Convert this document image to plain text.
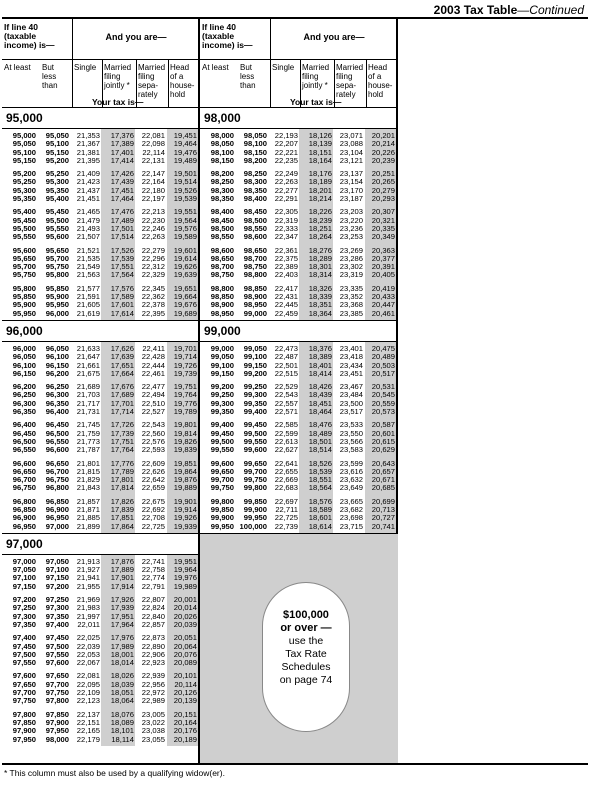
2003 Tax Table—Continued
If line 40 (taxable income) is—
And you are—
At least	But less than
Single Married filing jointly *
Married filing sepa- rately
Head of a house- hold
Your tax is—
95,000
95,000	95,050	21,353	17,376	22,081	19,451
95,050	95,100	21,367	17,389	22,098	19,464
95,100	95,150	21,381	17,401	22,114	19,476
95,150	95,200	21,395	17,414	22,131	19,489
95,200	95,250	21,409	17,426	22,147	19,501
95,250	95,300	21,423	17,439	22,164	19,514
95,300	95,350	21,437	17,451	22,180	19,526
95,350	95,400	21,451	17,464	22,197	19,539
95,400	95,450	21,465	17,476	22,213	19,551
95,450	95,500	21,479	17,489	22,230	19,564
95,500	95,550	21,493	17,501	22,246	19,576
95,550	95,600	21,507	17,514	22,263	19,589
95,600	95,650	21,521	17,526	22,279	19,601
95,650	95,700	21,535	17,539	22,296	19,614
95,700	95,750	21,549	17,551	22,312	19,626
95,750	95,800	21,563	17,564	22,329	19,639
95,800	95,850	21,577	17,576	22,345	19,651
95,850	95,900	21,591	17,589	22,362	19,664
95,900	95,950	21,605	17,601	22,378	19,676
95,950	96,000	21,619	17,614	22,395	19,689
96,000
96,000	96,050	21,633	17,626	22,411	19,701
96,050	96,100	21,647	17,639	22,428	19,714
96,100	96,150	21,661	17,651	22,444	19,726
96,150	96,200	21,675	17,664	22,461	19,739
96,200	96,250	21,689	17,676	22,477	19,751
96,250	96,300	21,703	17,689	22,494	19,764
96,300	96,350	21,717	17,701	22,510	19,776
96,350	96,400	21,731	17,714	22,527	19,789
96,400	96,450	21,745	17,726	22,543	19,801
96,450	96,500	21,759	17,739	22,560	19,814
96,500	96,550	21,773	17,751	22,576	19,826
96,550	96,600	21,787	17,764	22,593	19,839
96,600	96,650	21,801	17,776	22,609	19,851
96,650	96,700	21,815	17,789	22,626	19,864
96,700	96,750	21,829	17,801	22,642	19,876
96,750	96,800	21,843	17,814	22,659	19,889
96,800	96,850	21,857	17,826	22,675	19,901
96,850	96,900	21,871	17,839	22,692	19,914
96,900	96,950	21,885	17,851	22,708	19,926
96,950	97,000	21,899	17,864	22,725	19,939
97,000
97,000	97,050	21,913	17,876	22,741	19,951
97,050	97,100	21,927	17,889	22,758	19,964
97,100	97,150	21,941	17,901	22,774	19,976
97,150	97,200	21,955	17,914	22,791	19,989
97,200	97,250	21,969	17,926	22,807	20,001
97,250	97,300	21,983	17,939	22,824	20,014
97,300	97,350	21,997	17,951	22,840	20,026
97,350	97,400	22,011	17,964	22,857	20,039
97,400	97,450	22,025	17,976	22,873	20,051
97,450	97,500	22,039	17,989	22,890	20,064
97,500	97,550	22,053	18,001	22,906	20,076
97,550	97,600	22,067	18,014	22,923	20,089
97,600	97,650	22,081	18,026	22,939	20,101
97,650	97,700	22,095	18,039	22,956	20,114
97,700	97,750	22,109	18,051	22,972	20,126
97,750	97,800	22,123	18,064	22,989	20,139
97,800	97,850	22,137	18,076	23,005	20,151
97,850	97,900	22,151	18,089	23,022	20,164
97,900	97,950	22,165	18,101	23,038	20,176
97,950	98,000	22,179	18,114	23,055	20,189
If line 40 (taxable income) is—
And you are—
At least	But less than
Single Married filing jointly *
Married filing sepa- rately
Head of a house- hold
Your tax is—
98,000
98,000	98,050	22,193	18,126	23,071	20,201
98,050	98,100	22,207	18,139	23,088	20,214
98,100	98,150	22,221	18,151	23,104	20,226
98,150	98,200	22,235	18,164	23,121	20,239
98,200	98,250	22,249	18,176	23,137	20,251
98,250	98,300	22,263	18,189	23,154	20,265
98,300	98,350	22,277	18,201	23,170	20,279
98,350	98,400	22,291	18,214	23,187	20,293
98,400	98,450	22,305	18,226	23,203	20,307
98,450	98,500	22,319	18,239	23,220	20,321
98,500	98,550	22,333	18,251	23,236	20,335
98,550	98,600	22,347	18,264	23,253	20,349
98,600	98,650	22,361	18,276	23,269	20,363
98,650	98,700	22,375	18,289	23,286	20,377
98,700	98,750	22,389	18,301	23,302	20,391
98,750	98,800	22,403	18,314	23,319	20,405
98,800	98,850	22,417	18,326	23,335	20,419
98,850	98,900	22,431	18,339	23,352	20,433
98,900	98,950	22,445	18,351	23,368	20,447
98,950	99,000	22,459	18,364	23,385	20,461
99,000
99,000	99,050	22,473	18,376	23,401	20,475
99,050	99,100	22,487	18,389	23,418	20,489
99,100	99,150	22,501	18,401	23,434	20,503
99,150	99,200	22,515	18,414	23,451	20,517
99,200	99,250	22,529	18,426	23,467	20,531
99,250	99,300	22,543	18,439	23,484	20,545
99,300	99,350	22,557	18,451	23,500	20,559
99,350	99,400	22,571	18,464	23,517	20,573
99,400	99,450	22,585	18,476	23,533	20,587
99,450	99,500	22,599	18,489	23,550	20,601
99,500	99,550	22,613	18,501	23,566	20,615
99,550	99,600	22,627	18,514	23,583	20,629
99,600	99,650	22,641	18,526	23,599	20,643
99,650	99,700	22,655	18,539	23,616	20,657
99,700	99,750	22,669	18,551	23,632	20,671
99,750	99,800	22,683	18,564	23,649	20,685
99,800	99,850	22,697	18,576	23,665	20,699
99,850	99,900	22,711	18,589	23,682	20,713
99,900	99,950	22,725	18,601	23,698	20,727
99,950 100,000	22,739	18,614	23,715	20,741
$100,000
or over —
use the
Tax Rate
Schedules
on page 74
* This column must also be used by a qualifying widow(er).
